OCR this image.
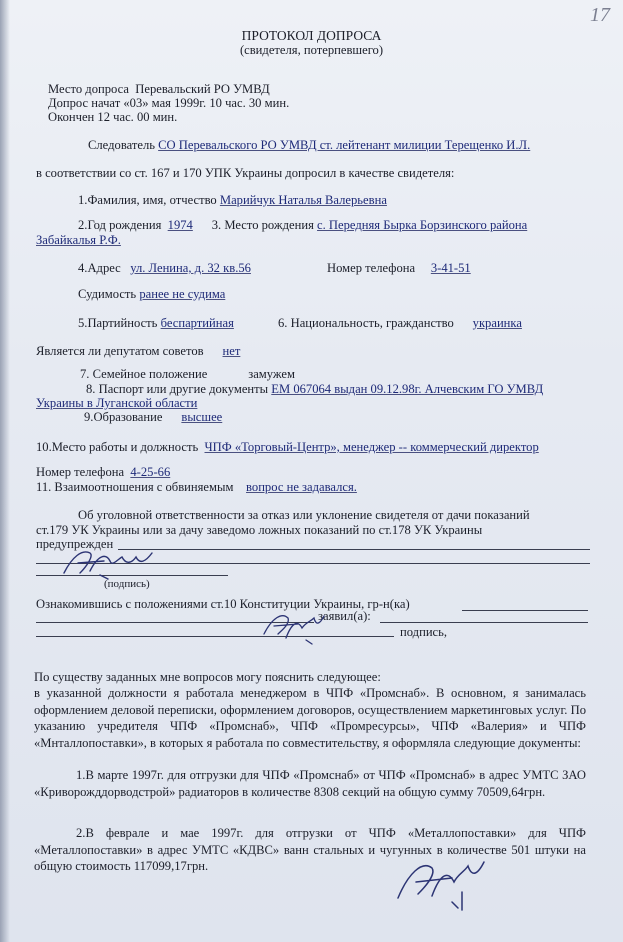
17
ПРОТОКОЛ ДОПРОСА
(свидетеля, потерпевшего)
Место допроса Перевальский РО УМВД
Допрос начат «03» мая 1999г. 10 час. 30 мин.
Окончен 12 час. 00 мин.
Следователь СО Перевальского РО УМВД ст. лейтенант милиции Терещенко И.Л.
в соответствии со ст. 167 и 170 УПК Украины допросил в качестве свидетеля:
1.Фамилия, имя, отчество Марийчук Наталья Валерьевна
2.Год рождения 1974 3. Место рождения с. Передняя Бырка Борзинского района
Забайкалья Р.Ф.
4.Адрес ул. Ленина, д. 32 кв.56	Номер телефона 3-41-51
Судимость ранее не судима
5.Партийность беспартийная	6. Национальность, гражданство украинка
Является ли депутатом советов нет
7. Семейное положение	замужем
8. Паспорт или другие документы ЕМ 067064 выдан 09.12.98г. Алчевским ГО УМВД
Украины в Луганской области
9.Образование высшее
10.Место работы и должность ЧПФ «Торговый-Центр», менеджер -- коммерческий директор
Номер телефона 4-25-66
11. Взаимоотношения с обвиняемым вопрос не задавался.
Об уголовной ответственности за отказ или уклонение свидетеля от дачи показаний
ст.179 УК Украины или за дачу заведомо ложных показаний по ст.178 УК Украины
предупрежден
(подпись)
Ознакомившись с положениями ст.10 Конституции Украины, гр-н(ка)
заявил(а):
подпись,
По существу заданных мне вопросов могу пояснить следующее:
в указанной должности я работала менеджером в ЧПФ «Промснаб». В основном, я занималась оформлением деловой переписки, оформлением договоров, осуществлением маркетинговых услуг. По указанию учредителя ЧПФ «Промснаб», ЧПФ «Промресурсы», ЧПФ «Валерия» и ЧПФ «Мнталлопоставки», в которых я работала по совместительству, я оформляла следующие документы:
1.В марте 1997г. для отгрузки для ЧПФ «Промснаб» от ЧПФ «Промснаб» в адрес УМТС ЗАО «Криворожддорводстрой» радиаторов в количестве 8308 секций на общую сумму 70509,64грн.
2.В феврале и мае 1997г. для отгрузки от ЧПФ «Металлопоставки» для ЧПФ «Металлопоставки» в адрес УМТС «КДВС» ванн стальных и чугунных в количестве 501 штуки на общую стоимость 117099,17грн.
